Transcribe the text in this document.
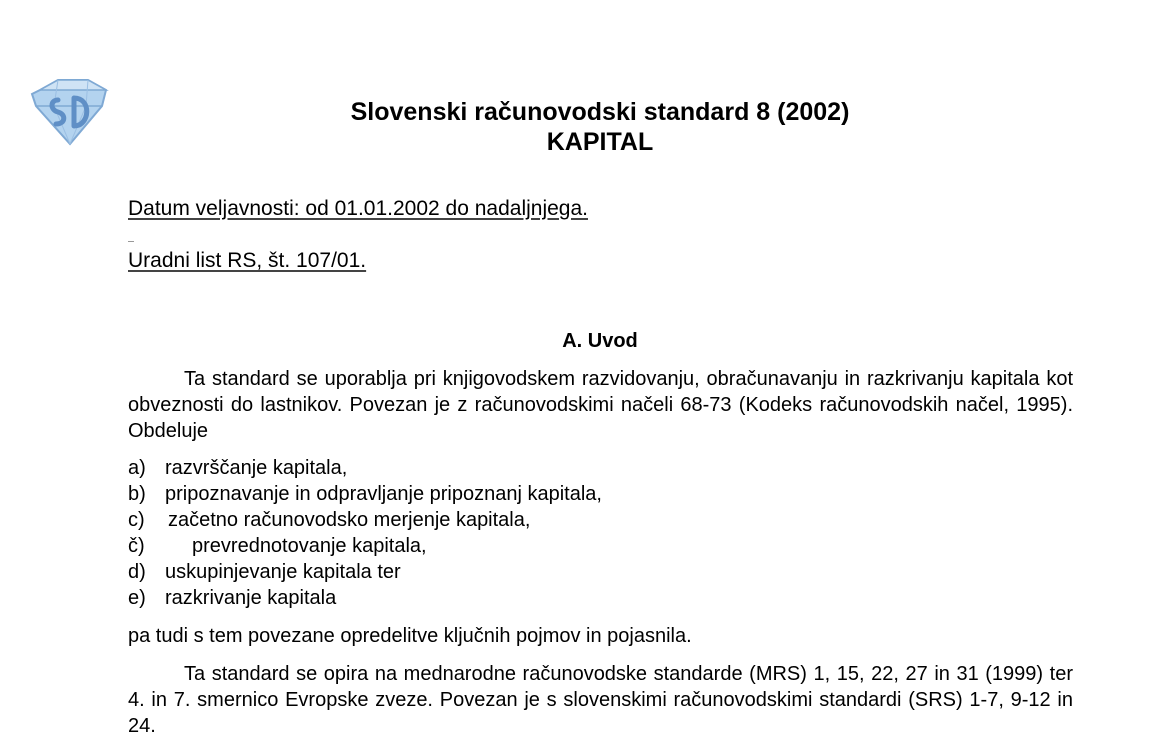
Slovenski računovodski standard 8 (2002)
KAPITAL
Datum veljavnosti: od 01.01.2002 do nadaljnjega.
Uradni list RS, št. 107/01.
A. Uvod
Ta standard se uporablja pri knjigovodskem razvidovanju, obračunavanju in razkrivanju kapitala kot obveznosti do lastnikov. Povezan je z računovodskimi načeli 68-73 (Kodeks računovodskih načel, 1995). Obdeluje
a) razvrščanje kapitala,
b) pripoznavanje in odpravljanje pripoznanj kapitala,
c) začetno računovodsko merjenje kapitala,
č) prevrednotovanje kapitala,
d) uskupinjevanje kapitala ter
e) razkrivanje kapitala
pa tudi s tem povezane opredelitve ključnih pojmov in pojasnila.
Ta standard se opira na mednarodne računovodske standarde (MRS) 1, 15, 22, 27 in 31 (1999) ter 4. in 7. smernico Evropske zveze. Povezan je s slovenskimi računovodskimi standardi (SRS) 1-7, 9-12 in 24.
